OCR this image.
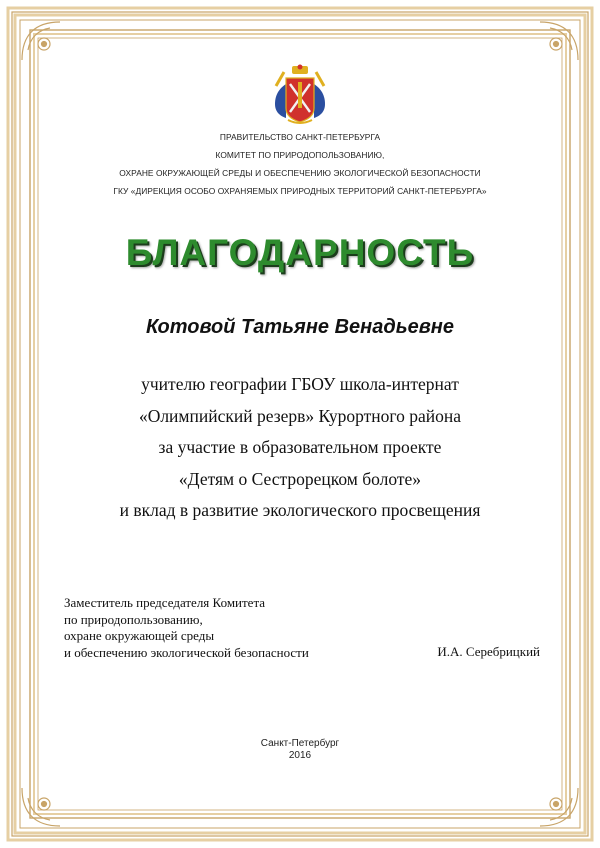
ПРАВИТЕЛЬСТВО САНКТ-ПЕТЕРБУРГА
КОМИТЕТ ПО ПРИРОДОПОЛЬЗОВАНИЮ,
ОХРАНЕ ОКРУЖАЮЩЕЙ СРЕДЫ И ОБЕСПЕЧЕНИЮ ЭКОЛОГИЧЕСКОЙ БЕЗОПАСНОСТИ
ГКУ «ДИРЕКЦИЯ ОСОБО ОХРАНЯЕМЫХ ПРИРОДНЫХ ТЕРРИТОРИЙ САНКТ-ПЕТЕРБУРГА»
БЛАГОДАРНОСТЬ
Котовой Татьяне Венадьевне
учителю географии ГБОУ школа-интернат
«Олимпийский резерв» Курортного района
за участие в образовательном проекте
«Детям о Сестрорецком болоте»
и вклад в развитие экологического просвещения
Заместитель председателя Комитета
по природопользованию,
охране окружающей среды
и обеспечению экологической безопасности	И.А. Серебрицкий
Санкт-Петербург
2016
